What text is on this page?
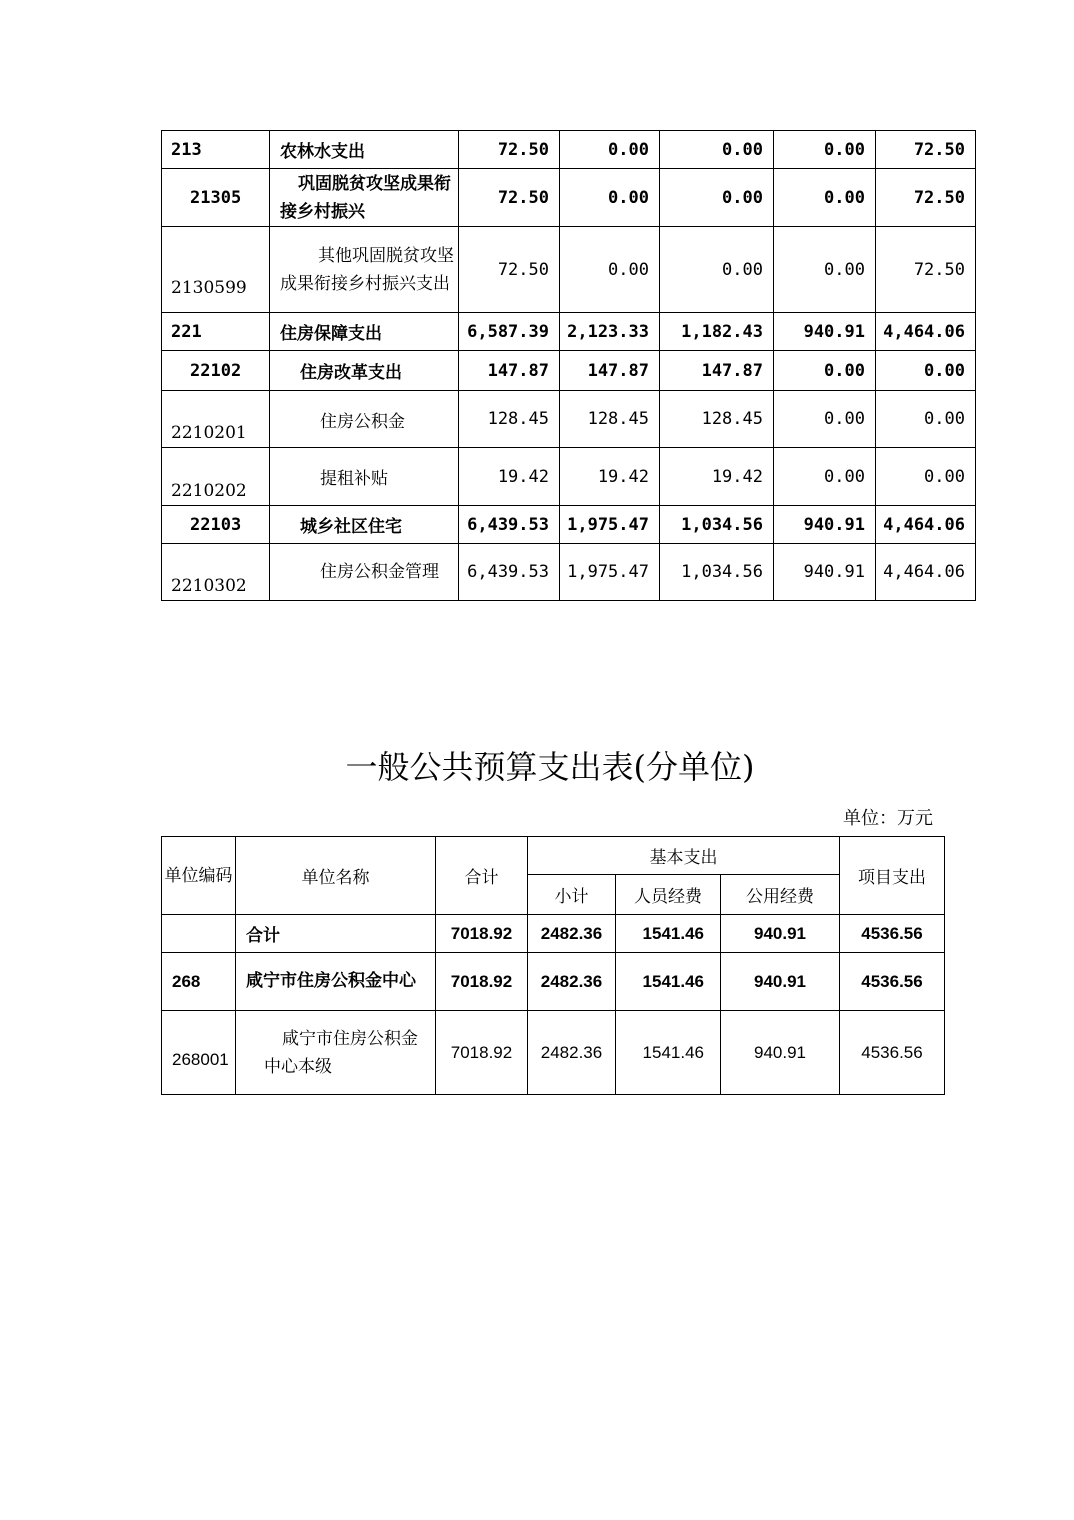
213	农林水支出	72.50	0.00	0.00	0.00	72.50
21305	巩固脱贫攻坚成果衔接乡村振兴	72.50	0.00	0.00	0.00	72.50
2130599	其他巩固脱贫攻坚成果衔接乡村振兴支出	72.50	0.00	0.00	0.00	72.50
221	住房保障支出	6,587.39	2,123.33	1,182.43	940.91	4,464.06
22102	住房改革支出	147.87	147.87	147.87	0.00	0.00
2210201	住房公积金	128.45	128.45	128.45	0.00	0.00
2210202	提租补贴	19.42	19.42	19.42	0.00	0.00
22103	城乡社区住宅	6,439.53	1,975.47	1,034.56	940.91	4,464.06
2210302	住房公积金管理	6,439.53	1,975.47	1,034.56	940.91	4,464.06
一般公共预算支出表(分单位)
单位：万元
单位编码	单位名称	合计	基本支出			项目支出
			小计	人员经费	公用经费	
	合计	7018.92	2482.36	1541.46	940.91	4536.56
268	咸宁市住房公积金中心	7018.92	2482.36	1541.46	940.91	4536.56
268001	咸宁市住房公积金中心本级	7018.92	2482.36	1541.46	940.91	4536.56
